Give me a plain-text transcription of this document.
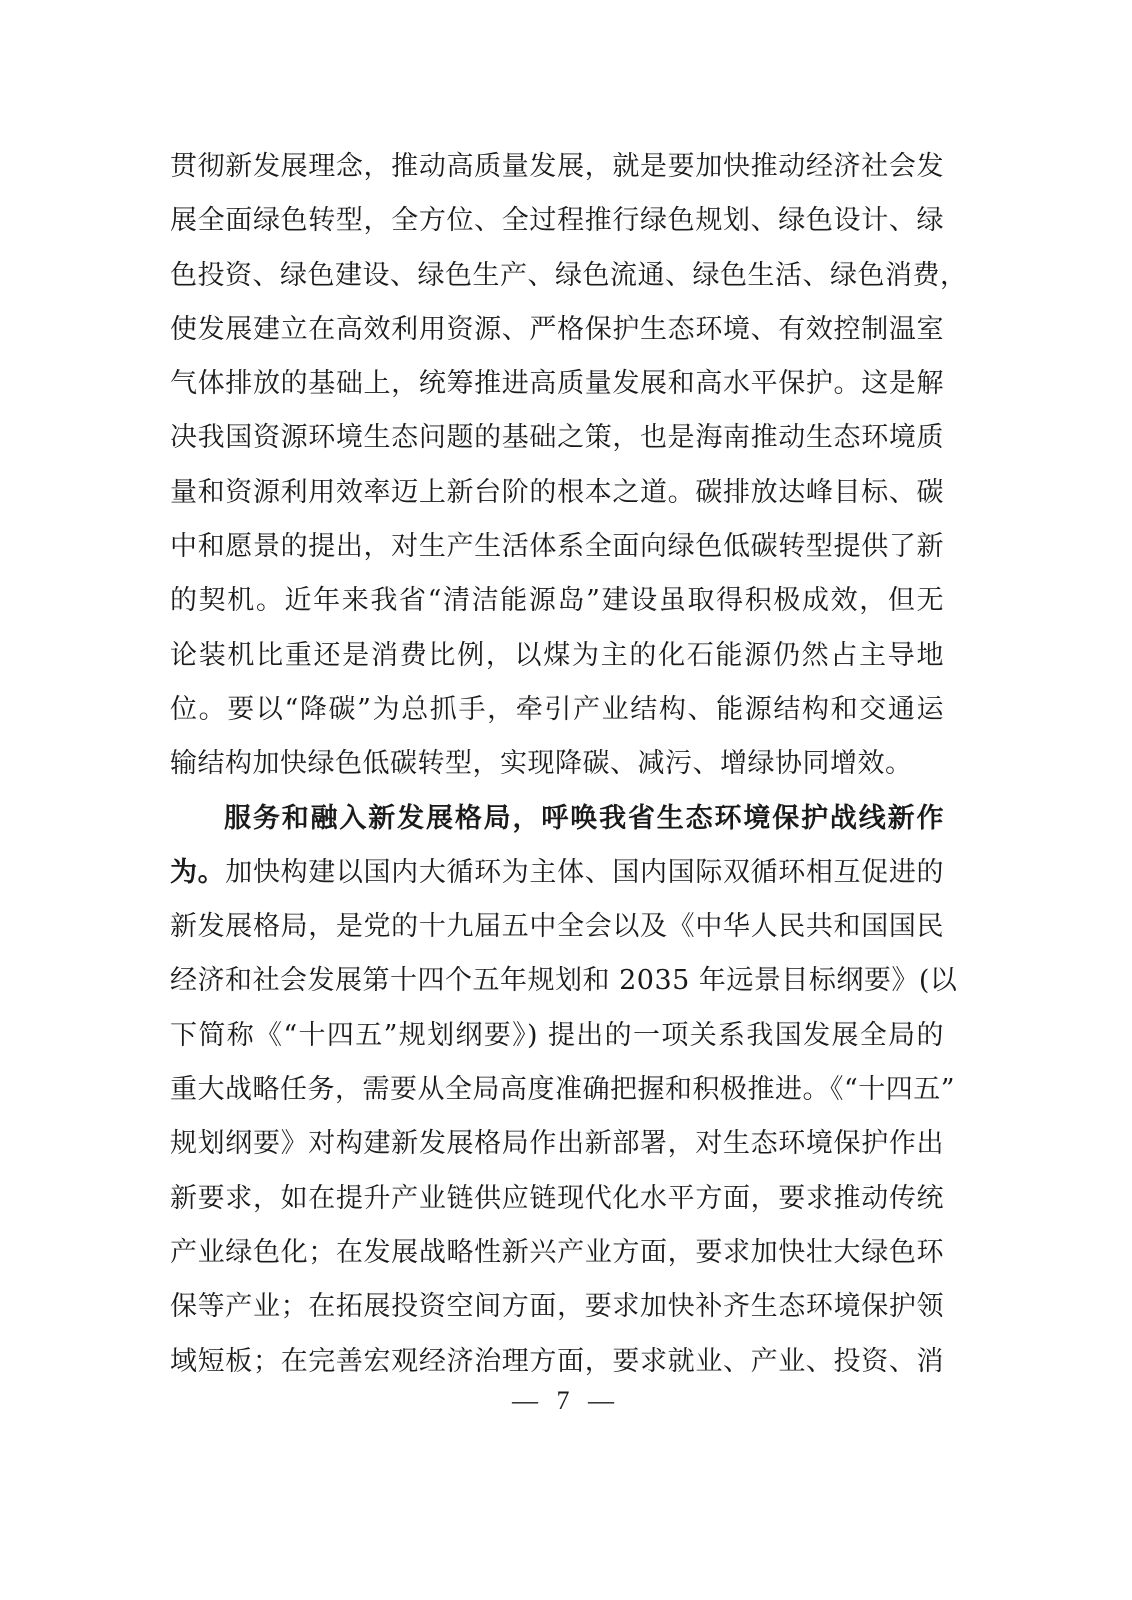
贯彻新发展理念，推动高质量发展，就是要加快推动经济社会发
展全面绿色转型，全方位、全过程推行绿色规划、绿色设计、绿
色投资、绿色建设、绿色生产、绿色流通、绿色生活、绿色消费，
使发展建立在高效利用资源、严格保护生态环境、有效控制温室
气体排放的基础上，统筹推进高质量发展和高水平保护。这是解
决我国资源环境生态问题的基础之策，也是海南推动生态环境质
量和资源利用效率迈上新台阶的根本之道。碳排放达峰目标、碳
中和愿景的提出，对生产生活体系全面向绿色低碳转型提供了新
的契机。近年来我省“清洁能源岛”建设虽取得积极成效，但无
论装机比重还是消费比例，以煤为主的化石能源仍然占主导地
位。要以“降碳”为总抓手，牵引产业结构、能源结构和交通运
输结构加快绿色低碳转型，实现降碳、减污、增绿协同增效。
服务和融入新发展格局，呼唤我省生态环境保护战线新作
为。加快构建以国内大循环为主体、国内国际双循环相互促进的
新发展格局，是党的十九届五中全会以及《中华人民共和国国民
经济和社会发展第十四个五年规划和 2035 年远景目标纲要》(以
下简称《“十四五”规划纲要》) 提出的一项关系我国发展全局的
重大战略任务，需要从全局高度准确把握和积极推进。《“十四五”
规划纲要》对构建新发展格局作出新部署，对生态环境保护作出
新要求，如在提升产业链供应链现代化水平方面，要求推动传统
产业绿色化；在发展战略性新兴产业方面，要求加快壮大绿色环
保等产业；在拓展投资空间方面，要求加快补齐生态环境保护领
域短板；在完善宏观经济治理方面，要求就业、产业、投资、消
— 7 —
